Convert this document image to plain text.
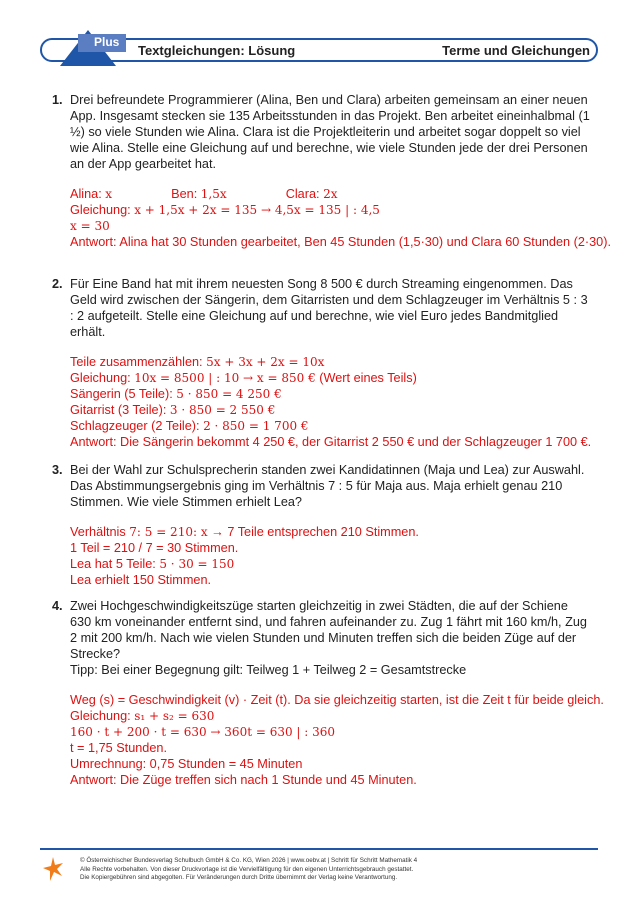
Plus
Textgleichungen: Lösung	Terme und Gleichungen
1. Drei befreundete Programmierer (Alina, Ben und Clara) arbeiten gemeinsam an einer neuen App. Insgesamt stecken sie 135 Arbeitsstunden in das Projekt. Ben arbeitet eineinhalbmal (1 ½) so viele Stunden wie Alina. Clara ist die Projektleiterin und arbeitet sogar doppelt so viel wie Alina. Stelle eine Gleichung auf und berechne, wie viele Stunden jede der drei Personen an der App gearbeitet hat.
Alina: x	Ben: 1,5x	Clara: 2x
Gleichung: x + 1,5x + 2x = 135 → 4,5x = 135 | : 4,5
x = 30
Antwort: Alina hat 30 Stunden gearbeitet, Ben 45 Stunden (1,5·30) und Clara 60 Stunden (2·30).
2. Für Eine Band hat mit ihrem neuesten Song 8 500 € durch Streaming eingenommen. Das Geld wird zwischen der Sängerin, dem Gitarristen und dem Schlagzeuger im Verhältnis 5 : 3 : 2 aufgeteilt. Stelle eine Gleichung auf und berechne, wie viel Euro jedes Bandmitglied erhält.
Teile zusammenzählen: 5x + 3x + 2x = 10x
Gleichung: 10x = 8500 | : 10 → x = 850 € (Wert eines Teils)
Sängerin (5 Teile): 5 · 850 = 4 250 €
Gitarrist (3 Teile): 3 · 850 = 2 550 €
Schlagzeuger (2 Teile): 2 · 850 = 1 700 €
Antwort: Die Sängerin bekommt 4 250 €, der Gitarrist 2 550 € und der Schlagzeuger 1 700 €.
3. Bei der Wahl zur Schulsprecherin standen zwei Kandidatinnen (Maja und Lea) zur Auswahl. Das Abstimmungsergebnis ging im Verhältnis 7 : 5 für Maja aus. Maja erhielt genau 210 Stimmen. Wie viele Stimmen erhielt Lea?
Verhältnis 7: 5 = 210: x → 7 Teile entsprechen 210 Stimmen.
1 Teil = 210 / 7 = 30 Stimmen.
Lea hat 5 Teile: 5 · 30 = 150
Lea erhielt 150 Stimmen.
4. Zwei Hochgeschwindigkeitszüge starten gleichzeitig in zwei Städten, die auf der Schiene 630 km voneinander entfernt sind, und fahren aufeinander zu. Zug 1 fährt mit 160 km/h, Zug 2 mit 200 km/h. Nach wie vielen Stunden und Minuten treffen sich die beiden Züge auf der Strecke?
Tipp: Bei einer Begegnung gilt: Teilweg 1 + Teilweg 2 = Gesamtstrecke
Weg (s) = Geschwindigkeit (v) · Zeit (t). Da sie gleichzeitig starten, ist die Zeit t für beide gleich.
Gleichung: s₁ + s₂ = 630
160 · t + 200 · t = 630 → 360t = 630 | : 360
t = 1,75 Stunden.
Umrechnung: 0,75 Stunden = 45 Minuten
Antwort: Die Züge treffen sich nach 1 Stunde und 45 Minuten.
© Österreichischer Bundesverlag Schulbuch GmbH & Co. KG, Wien 2026 | www.oebv.at | Schritt für Schritt Mathematik 4
Alle Rechte vorbehalten. Von dieser Druckvorlage ist die Vervielfältigung für den eigenen Unterrichtsgebrauch gestattet.
Die Kopiergebühren sind abgegolten. Für Veränderungen durch Dritte übernimmt der Verlag keine Verantwortung.
